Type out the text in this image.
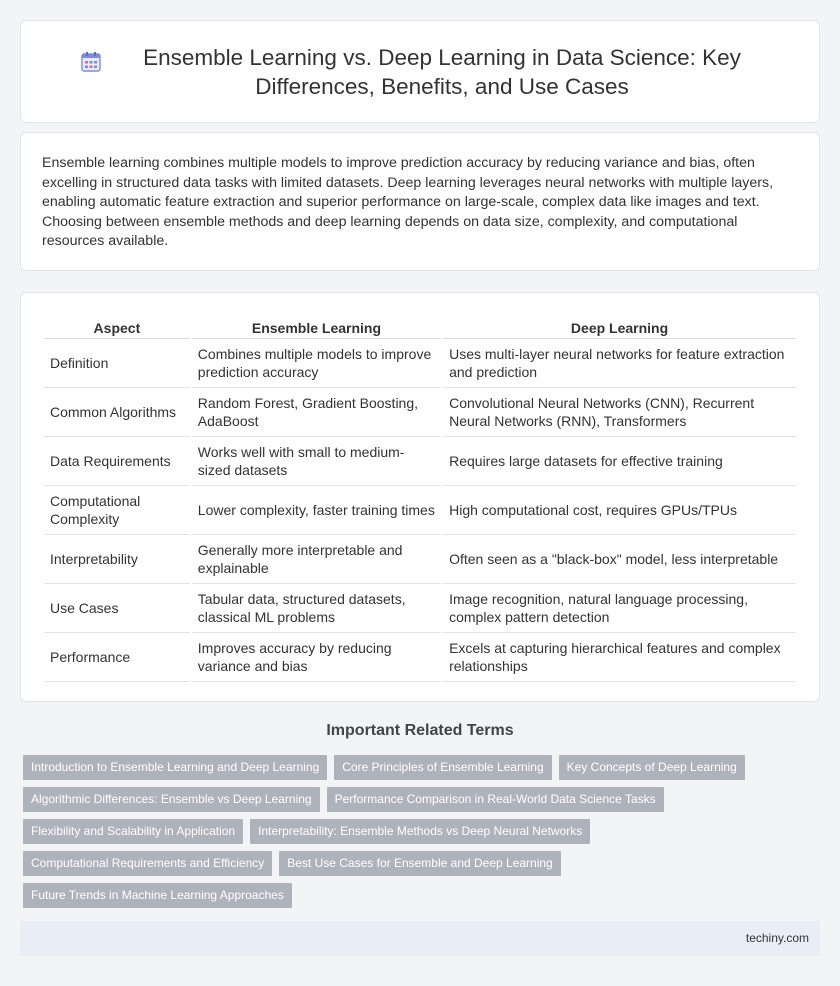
Ensemble Learning vs. Deep Learning in Data Science: Key Differences, Benefits, and Use Cases

Ensemble learning combines multiple models to improve prediction accuracy by reducing variance and bias, often excelling in structured data tasks with limited datasets. Deep learning leverages neural networks with multiple layers, enabling automatic feature extraction and superior performance on large-scale, complex data like images and text. Choosing between ensemble methods and deep learning depends on data size, complexity, and computational resources available.

Aspect	Ensemble Learning	Deep Learning
Definition	Combines multiple models to improve prediction accuracy	Uses multi-layer neural networks for feature extraction and prediction
Common Algorithms	Random Forest, Gradient Boosting, AdaBoost	Convolutional Neural Networks (CNN), Recurrent Neural Networks (RNN), Transformers
Data Requirements	Works well with small to medium-sized datasets	Requires large datasets for effective training
Computational Complexity	Lower complexity, faster training times	High computational cost, requires GPUs/TPUs
Interpretability	Generally more interpretable and explainable	Often seen as a "black-box" model, less interpretable
Use Cases	Tabular data, structured datasets, classical ML problems	Image recognition, natural language processing, complex pattern detection
Performance	Improves accuracy by reducing variance and bias	Excels at capturing hierarchical features and complex relationships
Important Related Terms
Introduction to Ensemble Learning and Deep Learning	Core Principles of Ensemble Learning	Key Concepts of Deep Learning
Algorithmic Differences: Ensemble vs Deep Learning	Performance Comparison in Real-World Data Science Tasks
Flexibility and Scalability in Application	Interpretability: Ensemble Methods vs Deep Neural Networks
Computational Requirements and Efficiency	Best Use Cases for Ensemble and Deep Learning
Future Trends in Machine Learning Approaches
techiny.com
